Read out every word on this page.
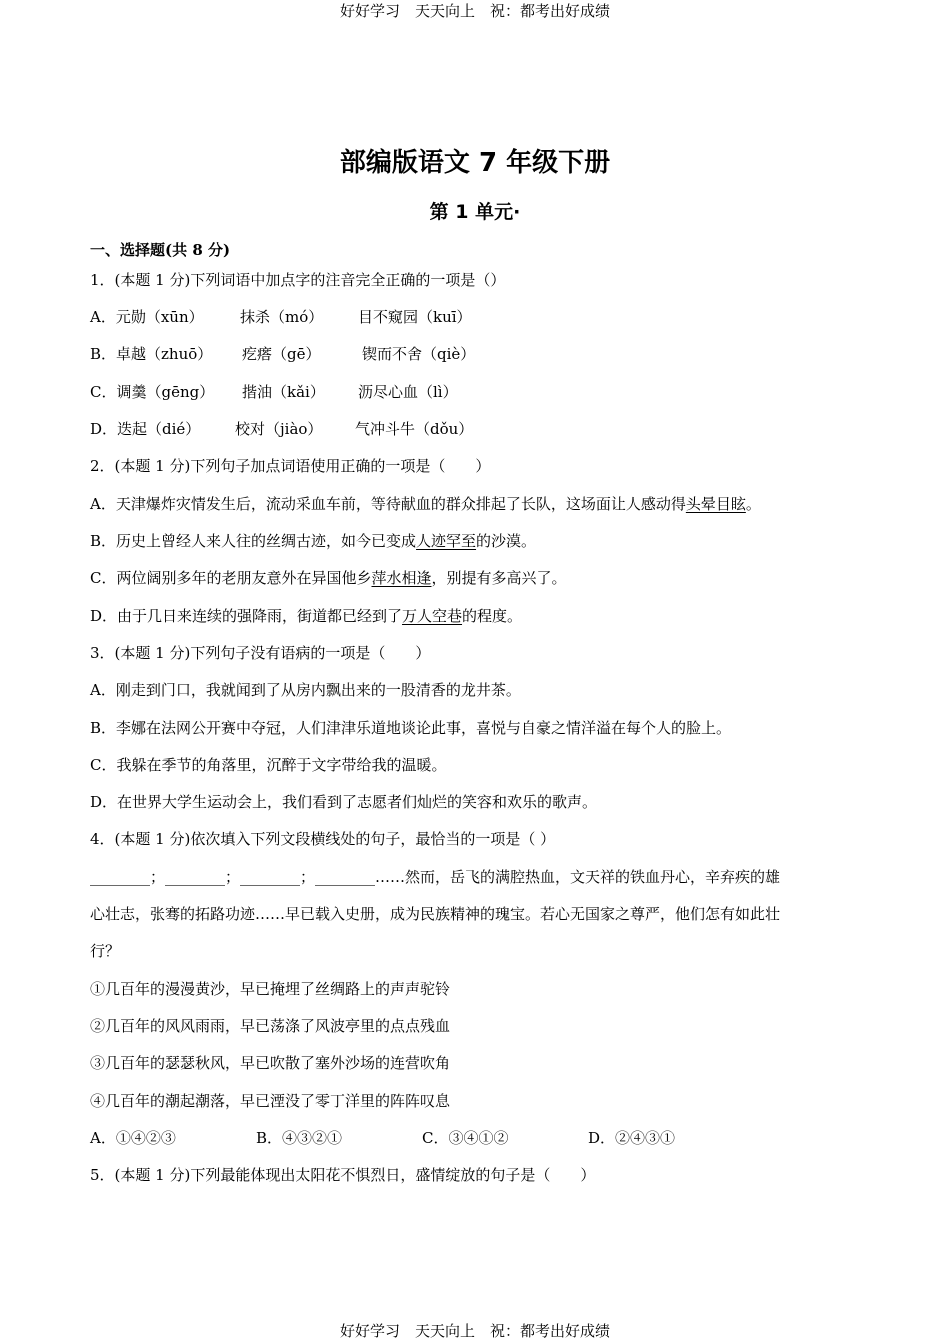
好好学习　天天向上　祝：都考出好成绩
部编版语文 7 年级下册
第 1 单元·
一、选择题(共 8 分)
1．(本题 1 分)下列词语中加点字的注音完全正确的一项是（）
A．元勋（xūn） 抹杀（mó） 目不窥园（kuī）
B．卓越（zhuō） 疙瘩（gē）	锲而不舍（qiè）
C．调羹（gēng） 揩油（kǎi） 沥尽心血（lì）
D．迭起（dié） 校对（jiào） 气冲斗牛（dǒu）
2．(本题 1 分)下列句子加点词语使用正确的一项是（　　）
A．天津爆炸灾情发生后，流动采血车前，等待献血的群众排起了长队，这场面让人感动得头晕目眩。
B．历史上曾经人来人往的丝绸古迹，如今已变成人迹罕至的沙漠。
C．两位阔别多年的老朋友意外在异国他乡萍水相逢，别提有多高兴了。
D．由于几日来连续的强降雨，街道都已经到了万人空巷的程度。
3．(本题 1 分)下列句子没有语病的一项是（　　）
A．刚走到门口，我就闻到了从房内飘出来的一股清香的龙井茶。
B．李娜在法网公开赛中夺冠，人们津津乐道地谈论此事，喜悦与自豪之情洋溢在每个人的脸上。
C．我躲在季节的角落里，沉醉于文字带给我的温暖。
D．在世界大学生运动会上，我们看到了志愿者们灿烂的笑容和欢乐的歌声。
4．(本题 1 分)依次填入下列文段横线处的句子，最恰当的一项是（ ）
________；________；________；________……然而，岳飞的满腔热血，文天祥的铁血丹心，辛弃疾的雄
心壮志，张骞的拓路功迹……早已载入史册，成为民族精神的瑰宝。若心无国家之尊严，他们怎有如此壮
行？
①几百年的漫漫黄沙，早已掩埋了丝绸路上的声声驼铃
②几百年的风风雨雨，早已荡涤了风波亭里的点点残血
③几百年的瑟瑟秋风，早已吹散了塞外沙场的连营吹角
④几百年的潮起潮落，早已湮没了零丁洋里的阵阵叹息
A．①④②③	B．④③②①	C．③④①②	D．②④③①
5．(本题 1 分)下列最能体现出太阳花不惧烈日，盛情绽放的句子是（　　）
好好学习　天天向上　祝：都考出好成绩
